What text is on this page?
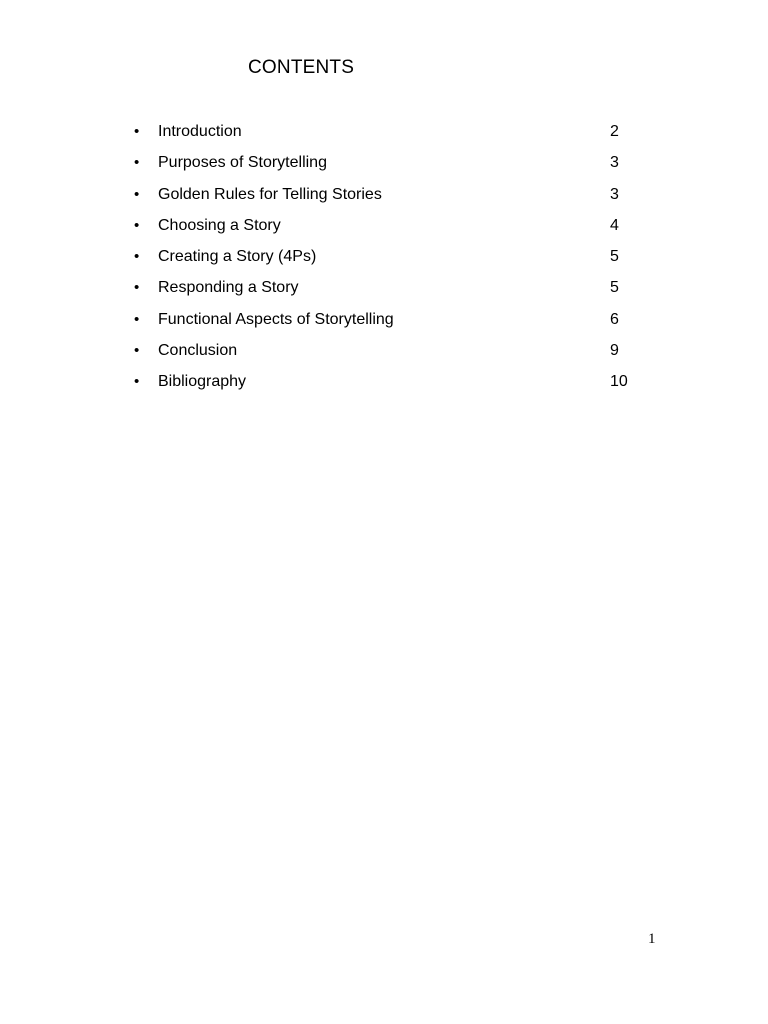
CONTENTS
• Introduction	2
• Purposes of Storytelling	3
• Golden Rules for Telling Stories	3
• Choosing a Story	4
• Creating a Story (4Ps)	5
• Responding a Story	5
• Functional Aspects of Storytelling	6
• Conclusion	9
• Bibliography	10
1
